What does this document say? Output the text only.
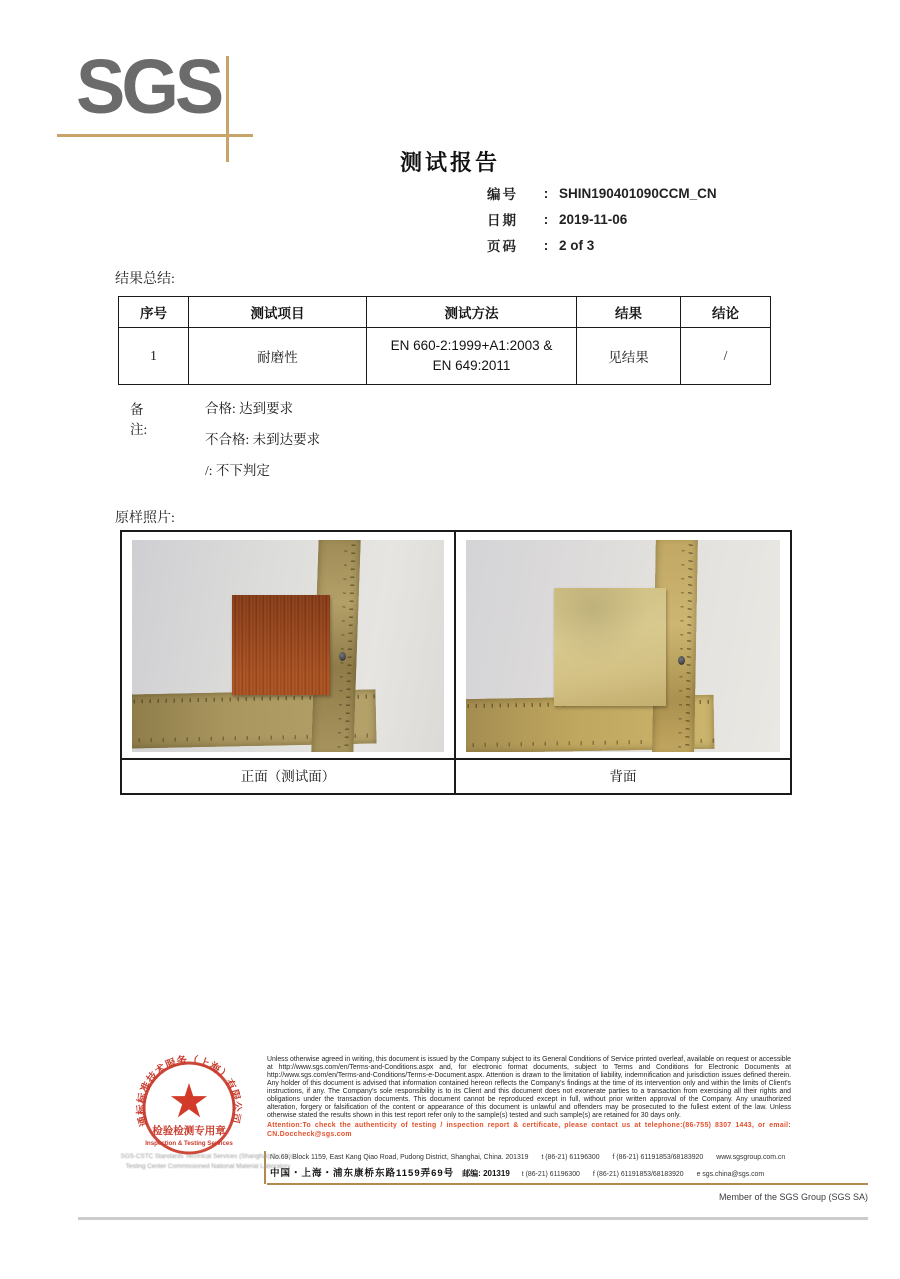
SGS
测试报告
编号	: SHIN190401090CCM_CN
日期	: 2019-11-06
页码	: 2 of 3
结果总结:
序号	测试项目	测试方法	结果	结论
1	耐磨性	EN 660-2:1999+A1:2003 &
EN 649:2011	见结果	/
备注:
合格: 达到要求
不合格: 未到达要求
/: 不下判定
原样照片:
正面（测试面）	背面
通标标准技术服务（上海）有限公司
检验检测专用章
Inspection & Testing Services
SGS-CSTC Standards Technical Services (Shanghai) Co., Ltd.
Testing Center Commissioned National Material Laboratory

Unless otherwise agreed in writing, this document is issued by the Company subject to its General Conditions of Service printed overleaf, available on request or accessible at http://www.sgs.com/en/Terms-and-Conditions.aspx and, for electronic format documents, subject to Terms and Conditions for Electronic Documents at http://www.sgs.com/en/Terms-and-Conditions/Terms-e-Document.aspx. Attention is drawn to the limitation of liability, indemnification and jurisdiction issues defined therein. Any holder of this document is advised that information contained hereon reflects the Company's findings at the time of its intervention only and within the limits of Client's instructions, if any. The Company's sole responsibility is to its Client and this document does not exonerate parties to a transaction from exercising all their rights and obligations under the transaction documents. This document cannot be reproduced except in full, without prior written approval of the Company. Any unauthorized alteration, forgery or falsification of the content or appearance of this document is unlawful and offenders may be prosecuted to the fullest extent of the law. Unless otherwise stated the results shown in this test report refer only to the sample(s) tested and such sample(s) are retained for 30 days only.

Attention:To check the authenticity of testing / inspection report & certificate, please contact us at telephone:(86-755) 8307 1443, or email: CN.Doccheck@sgs.com

No.69, Block 1159, East Kang Qiao Road, Pudong District, Shanghai, China. 201319 t (86-21) 61196300 f (86-21) 61191853/68183920 www.sgsgroup.com.cn
中国・上海・浦东康桥东路1159弄69号 邮编: 201319 t (86-21) 61196300 f (86-21) 61191853/68183920 e sgs.china@sgs.com
Member of the SGS Group (SGS SA)
